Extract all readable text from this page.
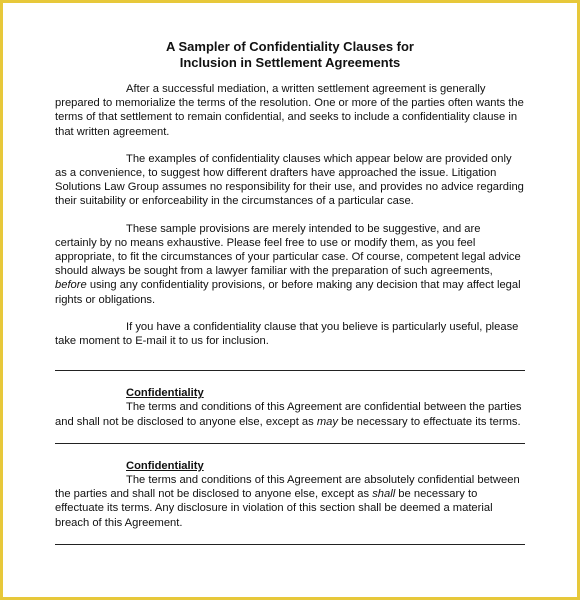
A Sampler of Confidentiality Clauses for
Inclusion in Settlement Agreements

After a successful mediation, a written settlement agreement is generally prepared to memorialize the terms of the resolution. One or more of the parties often wants the terms of that settlement to remain confidential, and seeks to include a confidentiality clause in that written agreement.

The examples of confidentiality clauses which appear below are provided only as a convenience, to suggest how different drafters have approached the issue. Litigation Solutions Law Group assumes no responsibility for their use, and provides no advice regarding their suitability or enforceability in the circumstances of a particular case.

These sample provisions are merely intended to be suggestive, and are certainly by no means exhaustive. Please feel free to use or modify them, as you feel appropriate, to fit the circumstances of your particular case. Of course, competent legal advice should always be sought from a lawyer familiar with the preparation of such agreements, before using any confidentiality provisions, or before making any decision that may affect legal rights or obligations.

If you have a confidentiality clause that you believe is particularly useful, please take moment to E-mail it to us for inclusion.

Confidentiality

The terms and conditions of this Agreement are confidential between the parties and shall not be disclosed to anyone else, except as may be necessary to effectuate its terms.

Confidentiality

The terms and conditions of this Agreement are absolutely confidential between the parties and shall not be disclosed to anyone else, except as shall be necessary to effectuate its terms. Any disclosure in violation of this section shall be deemed a material breach of this Agreement.
